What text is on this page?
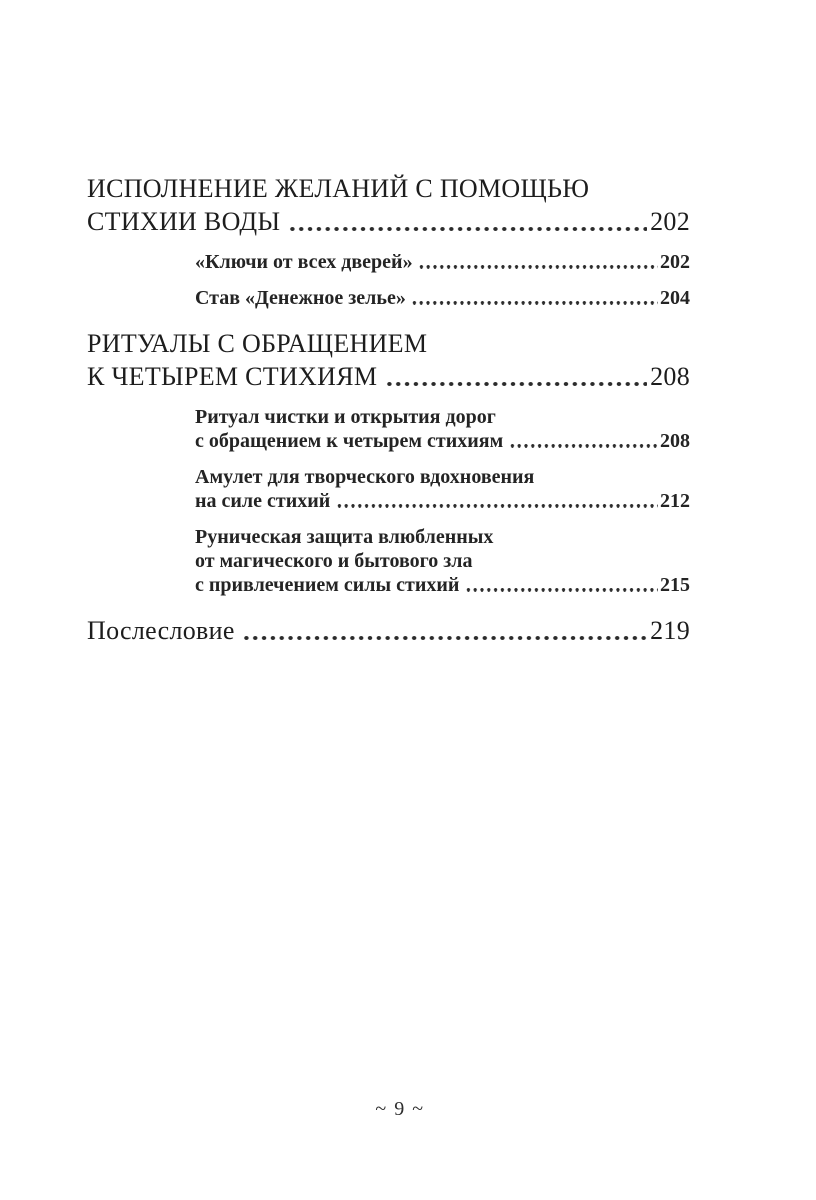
ИСПОЛНЕНИЕ ЖЕЛАНИЙ С ПОМОЩЬЮ
СТИХИИ ВОДЫ	202
«Ключи от всех дверей»	202
Став «Денежное зелье»	204
РИТУАЛЫ С ОБРАЩЕНИЕМ
К ЧЕТЫРЕМ СТИХИЯМ	208
Ритуал чистки и открытия дорог
с обращением к четырем стихиям	208
Амулет для творческого вдохновения
на силе стихий	212
Руническая защита влюбленных
от магического и бытового зла
с привлечением силы стихий	215
Послесловие	219
~ 9 ~
